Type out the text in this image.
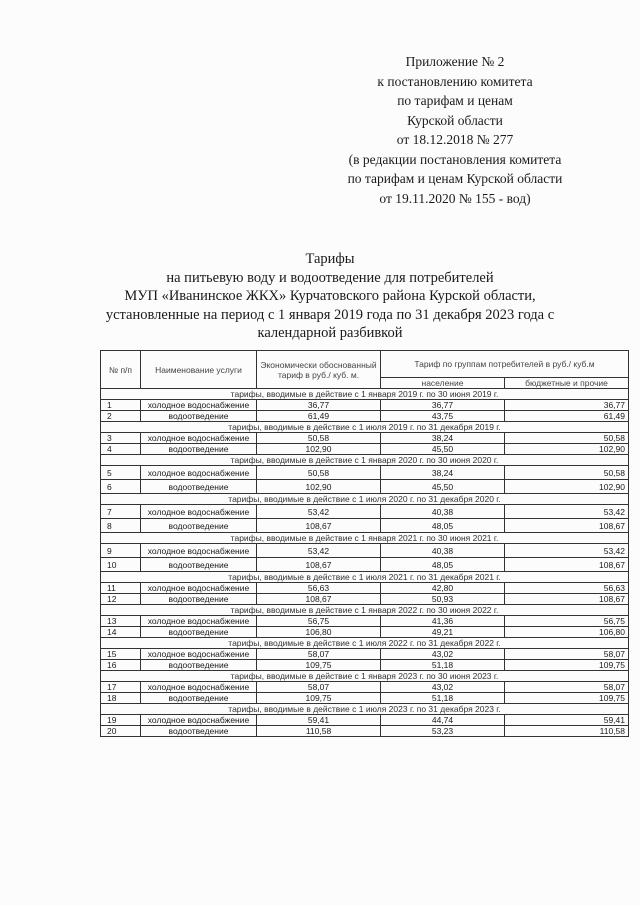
Приложение № 2
к постановлению комитета
по тарифам и ценам
Курской области
от 18.12.2018 № 277
(в редакции постановления комитета
по тарифам и ценам Курской области
от 19.11.2020 № 155 - вод)
Тарифы
на питьевую воду и водоотведение для потребителей
МУП «Иванинское ЖКХ» Курчатовского района Курской области,
установленные на период с 1 января 2019 года по 31 декабря 2023 года с
календарной разбивкой
№ п/п	Наименование услуги	Экономически обоснованный тариф в руб./ куб. м.	Тариф по группам потребителей в руб./ куб.м	
			население	бюджетные и прочие
тарифы, вводимые в действие с 1 января 2019 г. по 30 июня 2019 г.				
1	холодное водоснабжение	36,77	36,77	36,77
2	водоотведение	61,49	43,75	61,49
тарифы, вводимые в действие с 1 июля 2019 г. по 31 декабря 2019 г.				
3	холодное водоснабжение	50,58	38,24	50,58
4	водоотведение	102,90	45,50	102,90
тарифы, вводимые в действие с 1 января 2020 г. по 30 июня 2020 г.				
5	холодное водоснабжение	50,58	38,24	50,58
6	водоотведение	102,90	45,50	102,90
тарифы, вводимые в действие с 1 июля 2020 г. по 31 декабря 2020 г.				
7	холодное водоснабжение	53,42	40,38	53,42
8	водоотведение	108,67	48,05	108,67
тарифы, вводимые в действие с 1 января 2021 г. по 30 июня 2021 г.				
9	холодное водоснабжение	53,42	40,38	53,42
10	водоотведение	108,67	48,05	108,67
тарифы, вводимые в действие с 1 июля 2021 г. по 31 декабря 2021 г.				
11	холодное водоснабжение	56,63	42,80	56,63
12	водоотведение	108,67	50,93	108,67
тарифы, вводимые в действие с 1 января 2022 г. по 30 июня 2022 г.				
13	холодное водоснабжение	56,75	41,36	56,75
14	водоотведение	106,80	49,21	106,80
тарифы, вводимые в действие с 1 июля 2022 г. по 31 декабря 2022 г.				
15	холодное водоснабжение	58,07	43,02	58,07
16	водоотведение	109,75	51,18	109,75
тарифы, вводимые в действие с 1 января 2023 г. по 30 июня 2023 г.				
17	холодное водоснабжение	58,07	43,02	58,07
18	водоотведение	109,75	51,18	109,75
тарифы, вводимые в действие с 1 июля 2023 г. по 31 декабря 2023 г.				
19	холодное водоснабжение	59,41	44,74	59,41
20	водоотведение	110,58	53,23	110,58
